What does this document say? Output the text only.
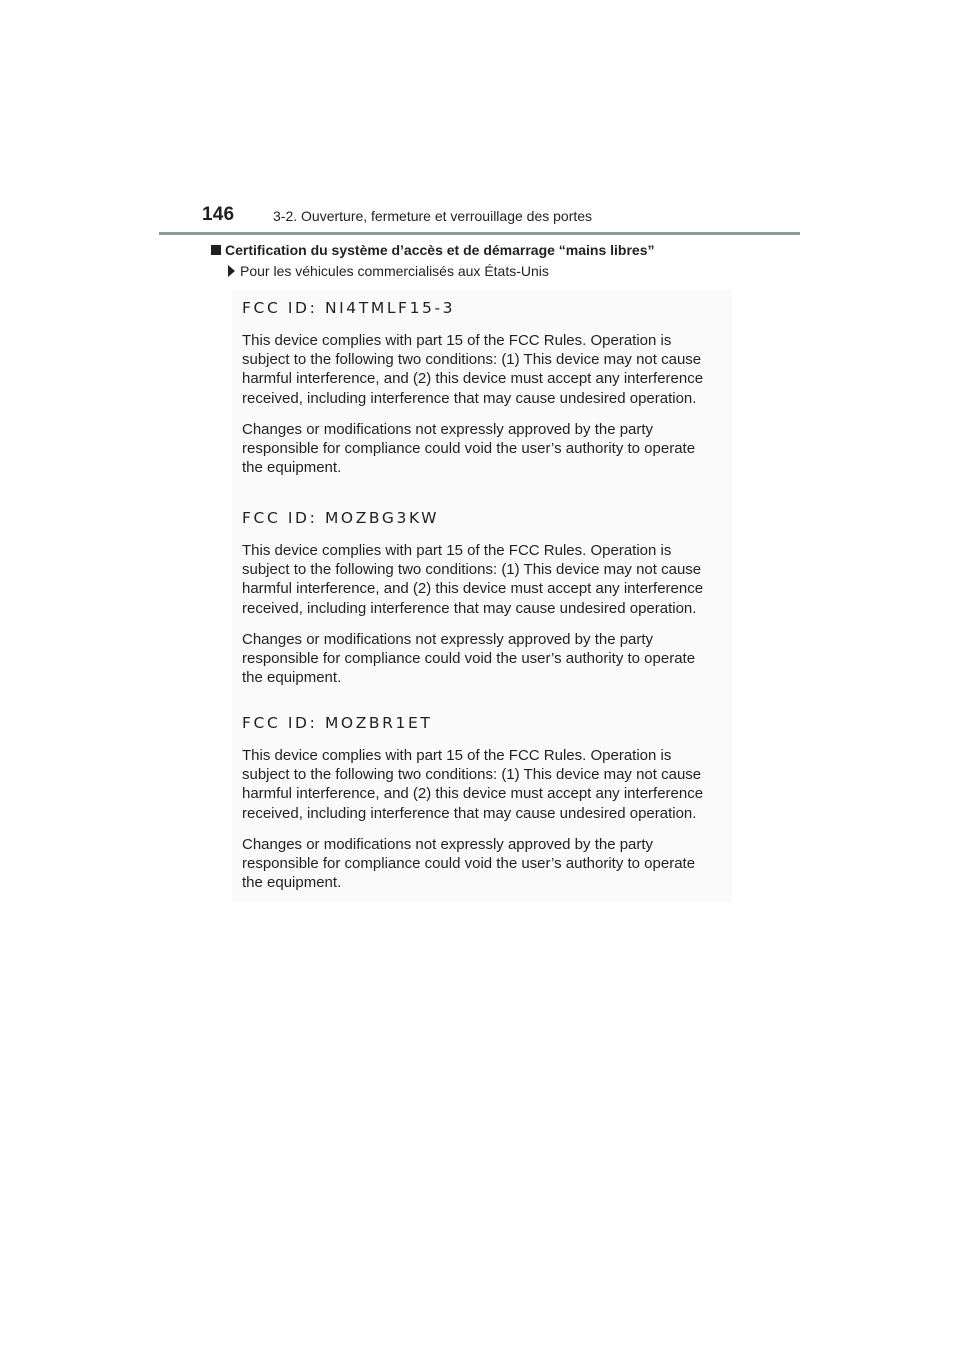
146	3-2. Ouverture, fermeture et verrouillage des portes
Certification du système d’accès et de démarrage “mains libres”
Pour les véhicules commercialisés aux États-Unis
FCC ID: NI4TMLF15-3

This device complies with part 15 of the FCC Rules. Operation is
subject to the following two conditions: (1) This device may not cause
harmful interference, and (2) this device must accept any interference
received, including interference that may cause undesired operation.

Changes or modifications not expressly approved by the party
responsible for compliance could void the user’s authority to operate
the equipment.

FCC ID: MOZBG3KW

This device complies with part 15 of the FCC Rules. Operation is
subject to the following two conditions: (1) This device may not cause
harmful interference, and (2) this device must accept any interference
received, including interference that may cause undesired operation.

Changes or modifications not expressly approved by the party
responsible for compliance could void the user’s authority to operate
the equipment.

FCC ID: MOZBR1ET

This device complies with part 15 of the FCC Rules. Operation is
subject to the following two conditions: (1) This device may not cause
harmful interference, and (2) this device must accept any interference
received, including interference that may cause undesired operation.

Changes or modifications not expressly approved by the party
responsible for compliance could void the user’s authority to operate
the equipment.
